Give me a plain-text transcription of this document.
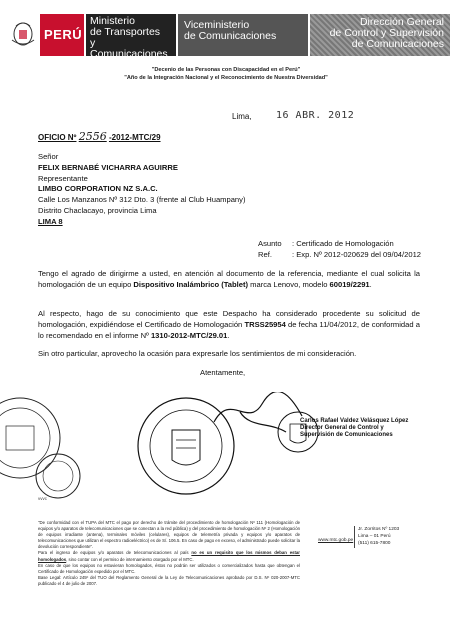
PERÚ
Ministerio
de Transportes
y Comunicaciones
Viceministerio
de Comunicaciones
Dirección General
de Control y Supervisión
de Comunicaciones
"Decenio de las Personas con Discapacidad en el Perú"
"Año de la Integración Nacional y el Reconocimiento de Nuestra Diversidad"
Lima, 16 ABR. 2012
OFICIO Nº 2556 -2012-MTC/29
Señor
FELIX BERNABÉ VICHARRA AGUIRRE
Representante
LIMBO CORPORATION NZ S.A.C.
Calle Los Manzanos Nº 312 Dto. 3 (frente al Club Huampany)
Distrito Chaclacayo, provincia Lima
LIMA 8
Asunto : Certificado de Homologación
Ref.	: Exp. Nº 2012-020629 del 09/04/2012
Tengo el agrado de dirigirme a usted, en atención al documento de la referencia, mediante el cual solicita la homologación de un equipo Dispositivo Inalámbrico (Tablet) marca Lenovo, modelo 60019/2291.
Al respecto, hago de su conocimiento que este Despacho ha considerado procedente su solicitud de homologación, expidiéndose el Certificado de Homologación TRSS25954 de fecha 11/04/2012, de conformidad a lo recomendado en el informe Nº 1310-2012-MTC/29.01.
Sin otro particular, aprovecho la ocasión para expresarle los sentimientos de mi consideración.
Atentamente,
Carlos Rafael Valdez Velásquez López
Director General de Control y
Supervisión de Comunicaciones
vvvc
"De conformidad con el TUPA del MTC el pago por derecho de trámite del procedimiento de homologación Nº 111 (Homologación de equipos y/o aparatos de telecomunicaciones que se conectan a la red pública) y del procedimiento de homologación Nº 2 (Homologación de equipos irradiante (antena), terminales móviles (celulares), equipos de telemetría privada y equipos y/o aparatos de telecomunicaciones que utilizan el espectro radioeléctrico) es de S/. 106.5. En caso de pago en exceso, el administrado puede solicitar la devolución correspondiente".
Para el ingreso de equipos y/o aparatos de telecomunicaciones al país no es un requisito que los mismos deban estar homologados, sino contar con el permiso de internamiento otorgado por el MTC.
En caso de que los equipos no estuvieran homologados, éstos no podrán ser utilizados o comercializados hasta que obtengan el Certificado de Homologación expedido por el MTC.
Base Legal: Artículo 245º del TUO del Reglamento General de la Ley de Telecomunicaciones aprobado por D.S. Nº 020-2007-MTC publicado el 4 de julio de 2007.
www.mtc.gob.pe
Jr. Zorritos Nº 1203
Lima – 01 Perú
(511) 615-7800
